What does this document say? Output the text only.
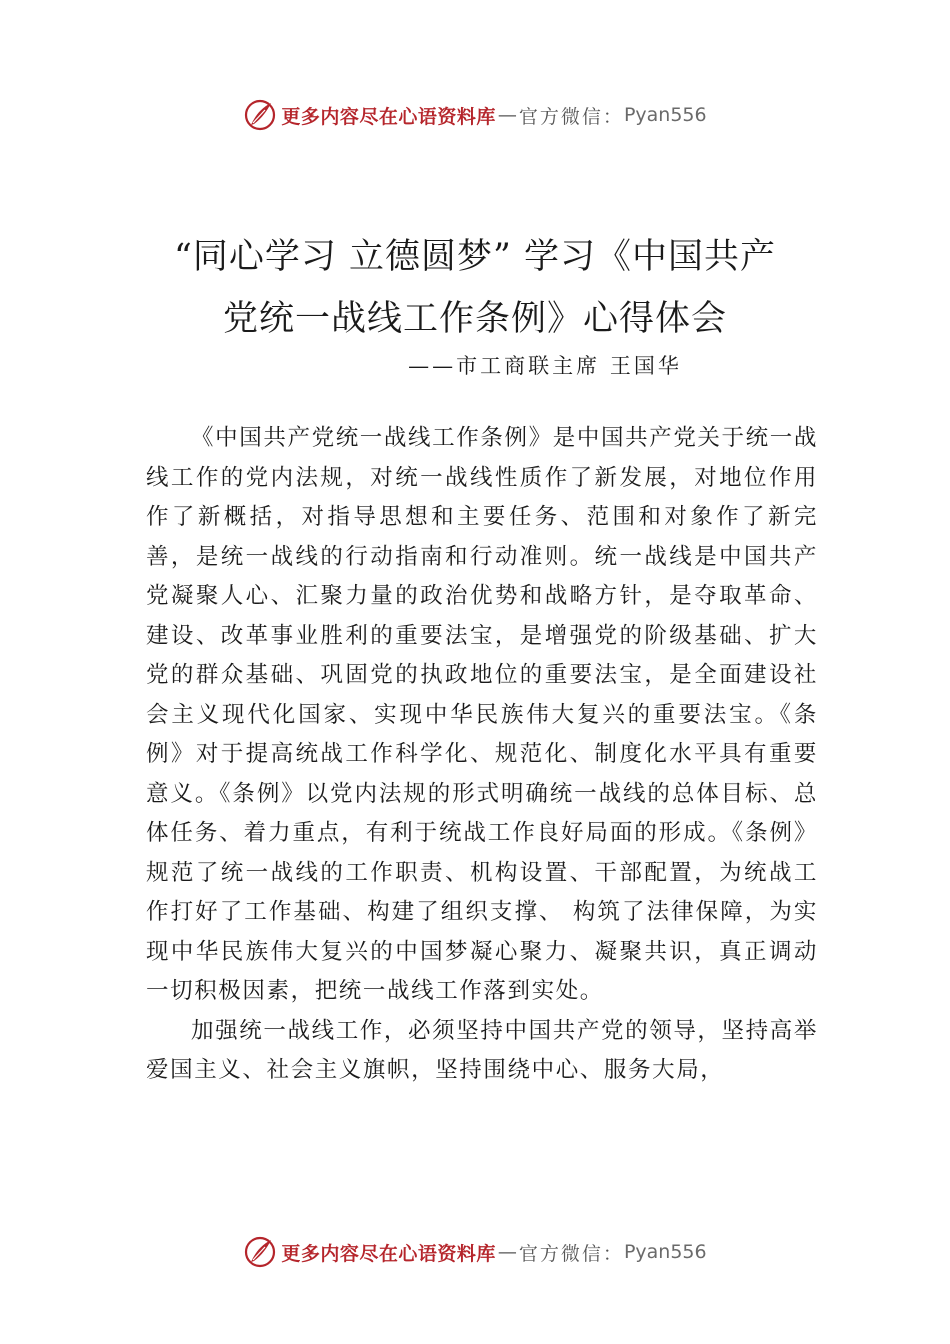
更多内容尽在心语资料库 — 官方微信： Pyan556
“同心学习 立德圆梦” 学习《中国共产
党统一战线工作条例》心得体会
——市工商联主席 王国华

《中国共产党统一战线工作条例》是中国共产党关于统一战线工作的党内法规，对统一战线性质作了新发展，对地位作用作了新概括，对指导思想和主要任务、范围和对象作了新完善，是统一战线的行动指南和行动准则。统一战线是中国共产党凝聚人心、汇聚力量的政治优势和战略方针，是夺取革命、建设、改革事业胜利的重要法宝，是增强党的阶级基础、扩大党的群众基础、巩固党的执政地位的重要法宝，是全面建设社会主义现代化国家、实现中华民族伟大复兴的重要法宝。《条例》对于提高统战工作科学化、规范化、制度化水平具有重要意义。《条例》以党内法规的形式明确统一战线的总体目标、总体任务、着力重点，有利于统战工作良好局面的形成。《条例》规范了统一战线的工作职责、机构设置、干部配置，为统战工作打好了工作基础、构建了组织支撑、 构筑了法律保障，为实现中华民族伟大复兴的中国梦凝心聚力、凝聚共识，真正调动一切积极因素，把统一战线工作落到实处。

加强统一战线工作，必须坚持中国共产党的领导，坚持高举爱国主义、社会主义旗帜，坚持围绕中心、服务大局，

更多内容尽在心语资料库 — 官方微信： Pyan556
